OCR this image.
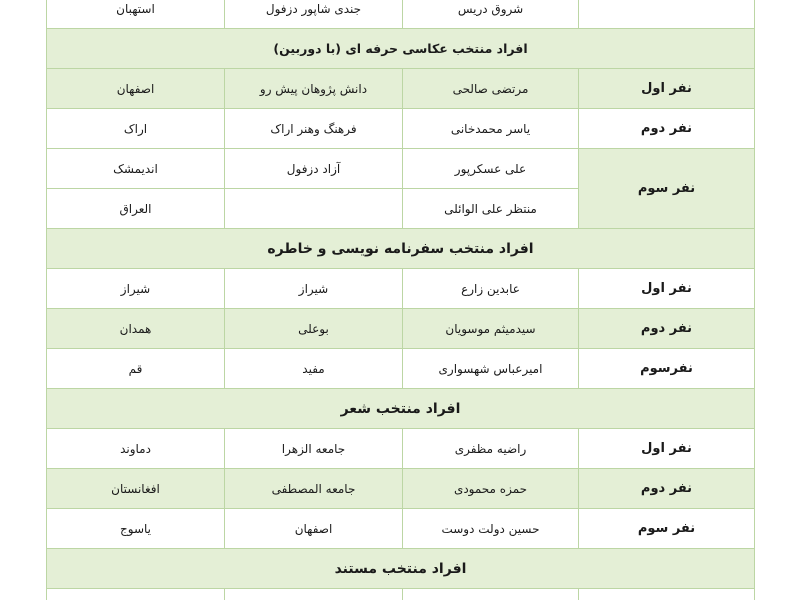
	شروق دریس	جندی شاپور دزفول	استهبان
افراد منتخب عکاسی حرفه ای (با دوربین)			
نفر اول	مرتضی صالحی	دانش پژوهان پیش رو	اصفهان
نفر دوم	یاسر محمدخانی	فرهنگ وهنر اراک	اراک
نفر سوم	علی عسکرپور	آزاد دزفول	اندیمشک
	منتظر علی الوائلی		العراق
افراد منتخب سفرنامه نویسی و خاطره			
نفر اول	عابدین زارع	شیراز	شیراز
نفر دوم	سیدمیثم موسویان	بوعلی	همدان
نفرسوم	امیرعباس شهسواری	مفید	قم
افراد منتخب شعر			
نفر اول	راضیه مظفری	جامعه الزهرا	دماوند
نفر دوم	حمزه محمودی	جامعه المصطفی	افغانستان
نفر سوم	حسین دولت دوست	اصفهان	یاسوج
افراد منتخب مستند			
